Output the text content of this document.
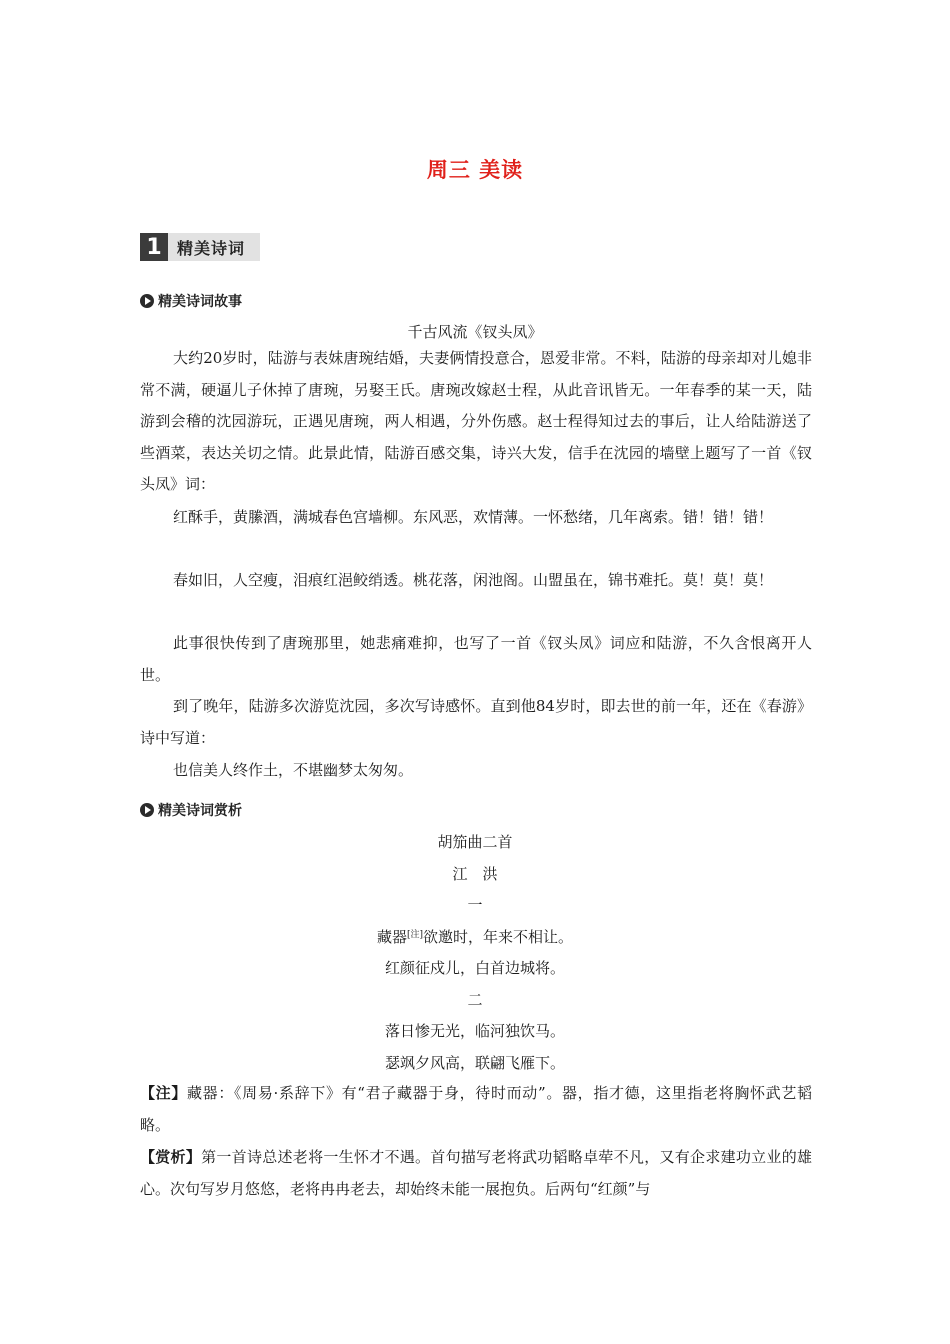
周三 美读
1 精美诗词
精美诗词故事
千古风流《钗头凤》

大约20岁时，陆游与表妹唐琬结婚，夫妻俩情投意合，恩爱非常。不料，陆游的母亲却对儿媳非常不满，硬逼儿子休掉了唐琬，另娶王氏。唐琬改嫁赵士程，从此音讯皆无。一年春季的某一天，陆游到会稽的沈园游玩，正遇见唐琬，两人相遇，分外伤感。赵士程得知过去的事后，让人给陆游送了些酒菜，表达关切之情。此景此情，陆游百感交集，诗兴大发，信手在沈园的墙壁上题写了一首《钗头凤》词：

红酥手，黄縢酒，满城春色宫墙柳。东风恶，欢情薄。一怀愁绪，几年离索。错！错！错！

春如旧，人空瘦，泪痕红浥鲛绡透。桃花落，闲池阁。山盟虽在，锦书难托。莫！莫！莫！

此事很快传到了唐琬那里，她悲痛难抑，也写了一首《钗头凤》词应和陆游，不久含恨离开人世。

到了晚年，陆游多次游览沈园，多次写诗感怀。直到他84岁时，即去世的前一年，还在《春游》诗中写道：

也信美人终作土，不堪幽梦太匆匆。

精美诗词赏析
胡笳曲二首
江　洪
一
藏器[注]欲邀时，年来不相让。
红颜征戍儿，白首边城将。
二
落日惨无光，临河独饮马。
瑟飒夕风高，联翩飞雁下。

【注】藏器：《周易·系辞下》有“君子藏器于身，待时而动”。器，指才德，这里指老将胸怀武艺韬略。

【赏析】第一首诗总述老将一生怀才不遇。首句描写老将武功韬略卓荦不凡，又有企求建功立业的雄心。次句写岁月悠悠，老将冉冉老去，却始终未能一展抱负。后两句“红颜”与
